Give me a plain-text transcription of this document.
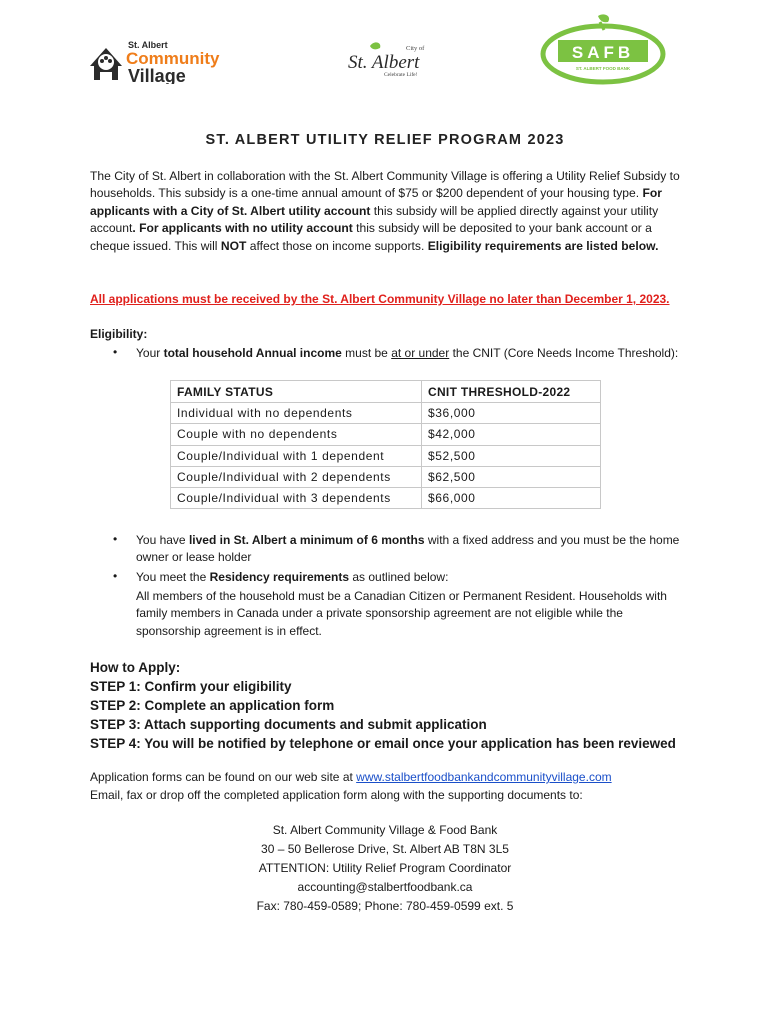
St. Albert
Community
Village
City of
St. Albert
Celebrate Life!
SAFB
ST. ALBERT FOOD BANK
ST. ALBERT UTILITY RELIEF PROGRAM 2023
The City of St. Albert in collaboration with the St. Albert Community Village is offering a Utility Relief Subsidy to households. This subsidy is a one-time annual amount of $75 or $200 dependent of your housing type. For applicants with a City of St. Albert utility account this subsidy will be applied directly against your utility account. For applicants with no utility account this subsidy will be deposited to your bank account or a cheque issued. This will NOT affect those on income supports. Eligibility requirements are listed below.
All applications must be received by the St. Albert Community Village no later than December 1, 2023.
Eligibility:
• Your total household Annual income must be at or under the CNIT (Core Needs Income Threshold):
FAMILY STATUS	CNIT THRESHOLD-2022
Individual with no dependents	$36,000
Couple with no dependents	$42,000
Couple/Individual with 1 dependent	$52,500
Couple/Individual with 2 dependents	$62,500
Couple/Individual with 3 dependents	$66,000
• You have lived in St. Albert a minimum of 6 months with a fixed address and you must be the home owner or lease holder
• You meet the Residency requirements as outlined below:
All members of the household must be a Canadian Citizen or Permanent Resident. Households with family members in Canada under a private sponsorship agreement are not eligible while the sponsorship agreement is in effect.
How to Apply:
STEP 1: Confirm your eligibility
STEP 2: Complete an application form
STEP 3: Attach supporting documents and submit application
STEP 4: You will be notified by telephone or email once your application has been reviewed
Application forms can be found on our web site at www.stalbertfoodbankandcommunityvillage.com
Email, fax or drop off the completed application form along with the supporting documents to:
St. Albert Community Village & Food Bank
30 – 50 Bellerose Drive, St. Albert AB T8N 3L5
ATTENTION: Utility Relief Program Coordinator
accounting@stalbertfoodbank.ca
Fax: 780-459-0589; Phone: 780-459-0599 ext. 5
